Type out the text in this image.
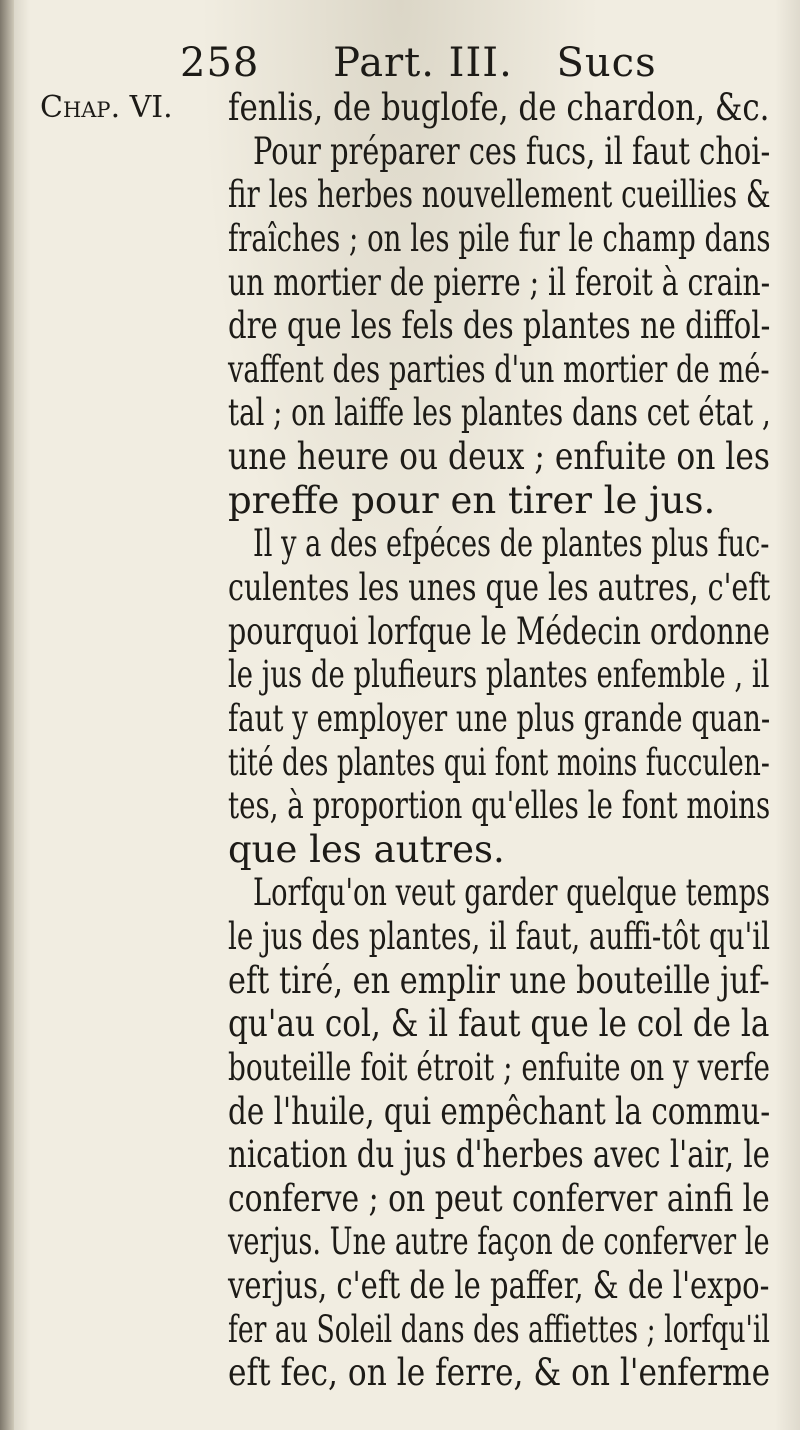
258 Part. III. Sucs
Chap. VI. fenlis, de buglofe, de chardon, &c.
Pour préparer ces fucs, il faut choi-
fir les herbes nouvellement cueillies &
fraîches ; on les pile fur le champ dans
un mortier de pierre ; il feroit à crain-
dre que les fels des plantes ne diffol-
vaffent des parties d'un mortier de mé-
tal ; on laiffe les plantes dans cet état ,
une heure ou deux ; enfuite on les
preffe pour en tirer le jus.
Il y a des efpéces de plantes plus fuc-
culentes les unes que les autres, c'eft
pourquoi lorfque le Médecin ordonne
le jus de plufieurs plantes enfemble , il
faut y employer une plus grande quan-
tité des plantes qui font moins fucculen-
tes, à proportion qu'elles le font moins
que les autres.
Lorfqu'on veut garder quelque temps
le jus des plantes, il faut, auffi-tôt qu'il
eft tiré, en emplir une bouteille juf-
qu'au col, & il faut que le col de la
bouteille foit étroit ; enfuite on y verfe
de l'huile, qui empêchant la commu-
nication du jus d'herbes avec l'air, le
conferve ; on peut conferver ainfi le
verjus. Une autre façon de conferver le
verjus, c'eft de le paffer, & de l'expo-
fer au Soleil dans des affiettes ; lorfqu'il
eft fec, on le ferre, & on l'enferme
